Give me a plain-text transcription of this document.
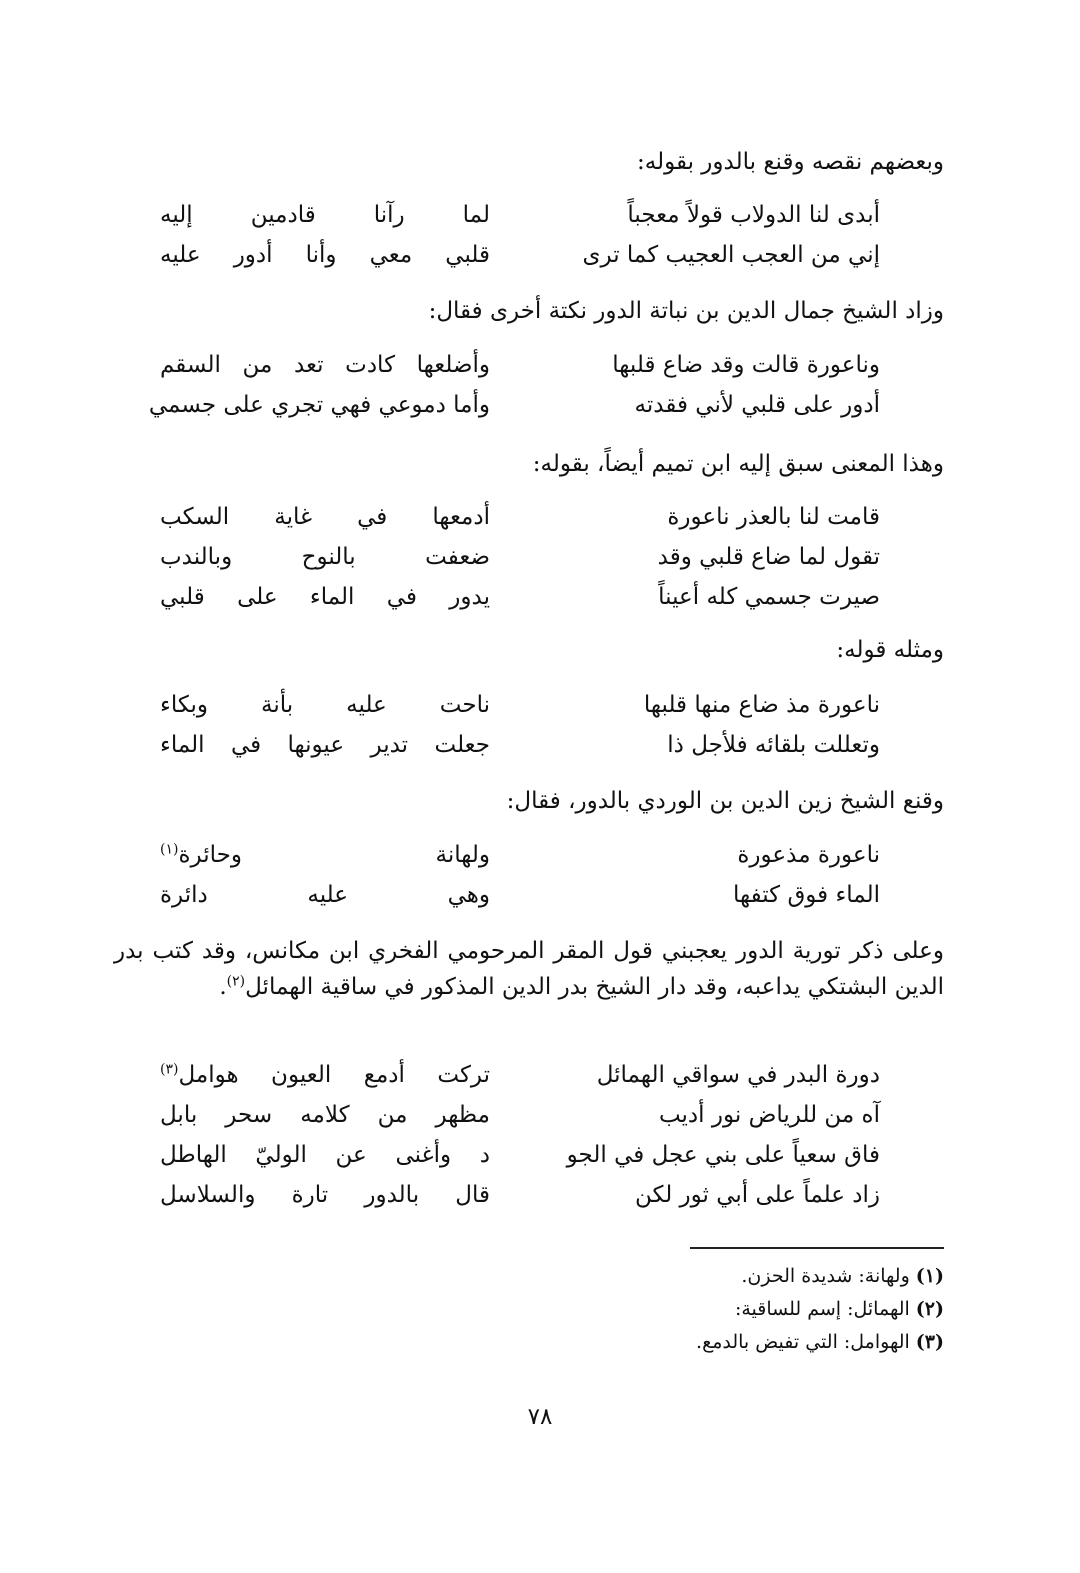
وبعضهم نقصه وقنع بالدور بقوله:
أبدى لنا الدولاب قولاً معجباً
لما رآنا قادمين إليه
إني من العجب العجيب كما ترى
قلبي معي وأنا أدور عليه
وزاد الشيخ جمال الدين بن نباتة الدور نكتة أخرى فقال:
وناعورة قالت وقد ضاع قلبها
وأضلعها كادت تعد من السقم
أدور على قلبي لأني فقدته
وأما دموعي فهي تجري على جسمي
وهذا المعنى سبق إليه ابن تميم أيضاً، بقوله:
قامت لنا بالعذر ناعورة
أدمعها في غاية السكب
تقول لما ضاع قلبي وقد
ضعفت بالنوح وبالندب
صيرت جسمي كله أعيناً
يدور في الماء على قلبي
ومثله قوله:
ناعورة مذ ضاع منها قلبها
ناحت عليه بأنة وبكاء
وتعللت بلقائه فلأجل ذا
جعلت تدير عيونها في الماء
وقنع الشيخ زين الدين بن الوردي بالدور، فقال:
ناعورة مذعورة
ولهانة وحائرة$^{(١)}$
الماء فوق كتفها
وهي عليه دائرة
وعلى ذكر تورية الدور يعجبني قول المقر المرحومي الفخري ابن مكانس، وقد كتب بدر الدين البشتكي يداعبه، وقد دار الشيخ بدر الدين المذكور في ساقية الهمائل$^{(٢)}$.
دورة البدر في سواقي الهمائل
تركت أدمع العيون هوامل$^{(٣)}$
آه من للرياض نور أديب
مظهر من كلامه سحر بابل
فاق سعياً على بني عجل في الجو
د وأغنى عن الوليّ الهاطل
زاد علماً على أبي ثور لكن
قال بالدور تارة والسلاسل
(١)ولهانة: شديدة الحزن.
(٢)الهمائل: إسم للساقية:
(٣)الهوامل: التي تفيض بالدمع.
٧٨
